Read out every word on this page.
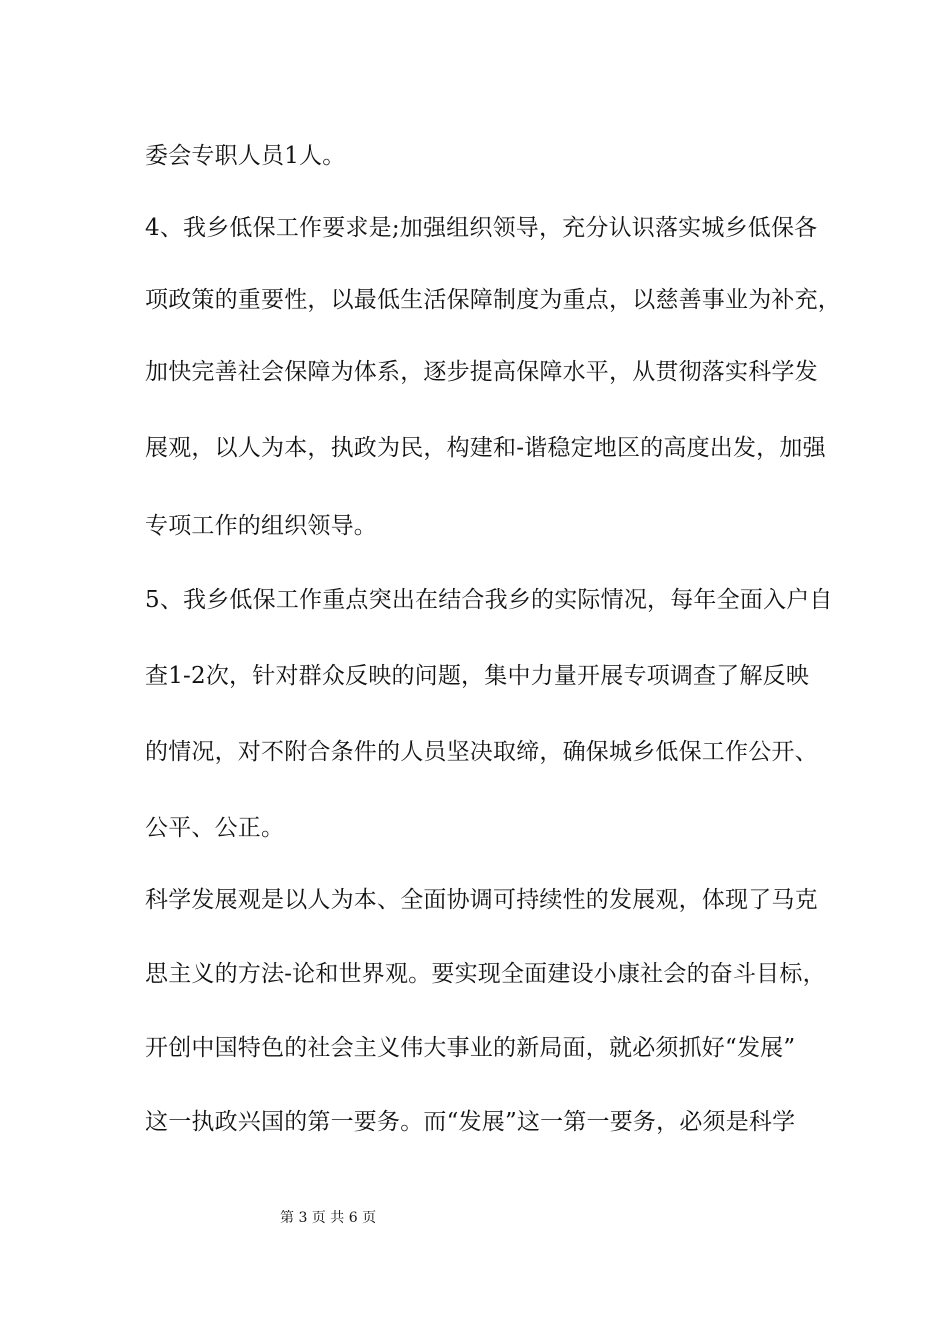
委会专职人员1人。
4、我乡低保工作要求是;加强组织领导，充分认识落实城乡低保各
项政策的重要性，以最低生活保障制度为重点，以慈善事业为补充，
加快完善社会保障为体系，逐步提高保障水平，从贯彻落实科学发
展观，以人为本，执政为民，构建和-谐稳定地区的高度出发，加强
专项工作的组织领导。
5、我乡低保工作重点突出在结合我乡的实际情况，每年全面入户自
查1-2次，针对群众反映的问题，集中力量开展专项调查了解反映
的情况，对不附合条件的人员坚决取缔，确保城乡低保工作公开、
公平、公正。
科学发展观是以人为本、全面协调可持续性的发展观，体现了马克
思主义的方法-论和世界观。要实现全面建设小康社会的奋斗目标，
开创中国特色的社会主义伟大事业的新局面，就必须抓好“发展”
这一执政兴国的第一要务。而“发展”这一第一要务，必须是科学
第 3 页 共 6 页
